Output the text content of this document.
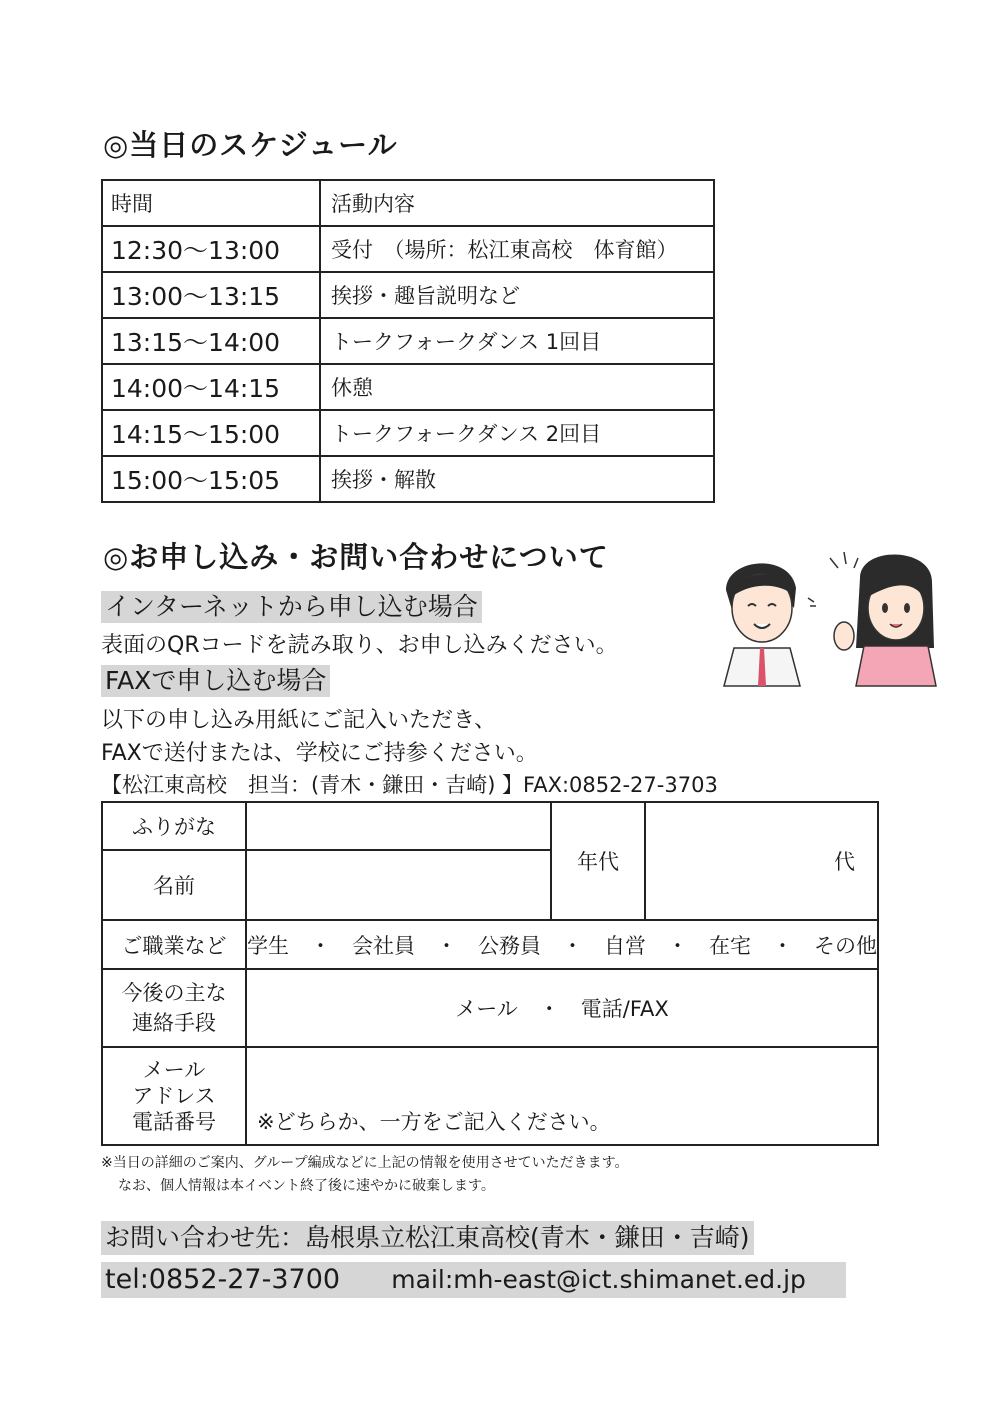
◎当日のスケジュール
時間	活動内容
12:30～13:00	受付　（場所：松江東高校　体育館）
13:00～13:15	挨拶・趣旨説明など
13:15～14:00	トークフォークダンス 1回目
14:00～14:15	休憩
14:15～15:00	トークフォークダンス 2回目
15:00～15:05	挨拶・解散
◎お申し込み・お問い合わせについて
インターネットから申し込む場合
表面のQRコードを読み取り、お申し込みください。
FAXで申し込む場合
以下の申し込み用紙にご記入いただき、
FAXで送付または、学校にご持参ください。
【松江東高校　担当：(青木・鎌田・吉崎) 】FAX:0852-27-3703
ふりがな		年代	代
名前			
ご職業など	学生　・　会社員　・　公務員　・　自営　・　在宅　・　その他		

今後の主な
連絡手段	メール　・　電話/FAX		

メール
アドレス
電話番号	※どちらか、一方をご記入ください。		
※当日の詳細のご案内、グループ編成などに上記の情報を使用させていただきます。
なお、個人情報は本イベント終了後に速やかに破棄します。
お問い合わせ先：島根県立松江東高校(青木・鎌田・吉崎)
tel:0852-27-3700 mail:mh-east@ict.shimanet.ed.jp
